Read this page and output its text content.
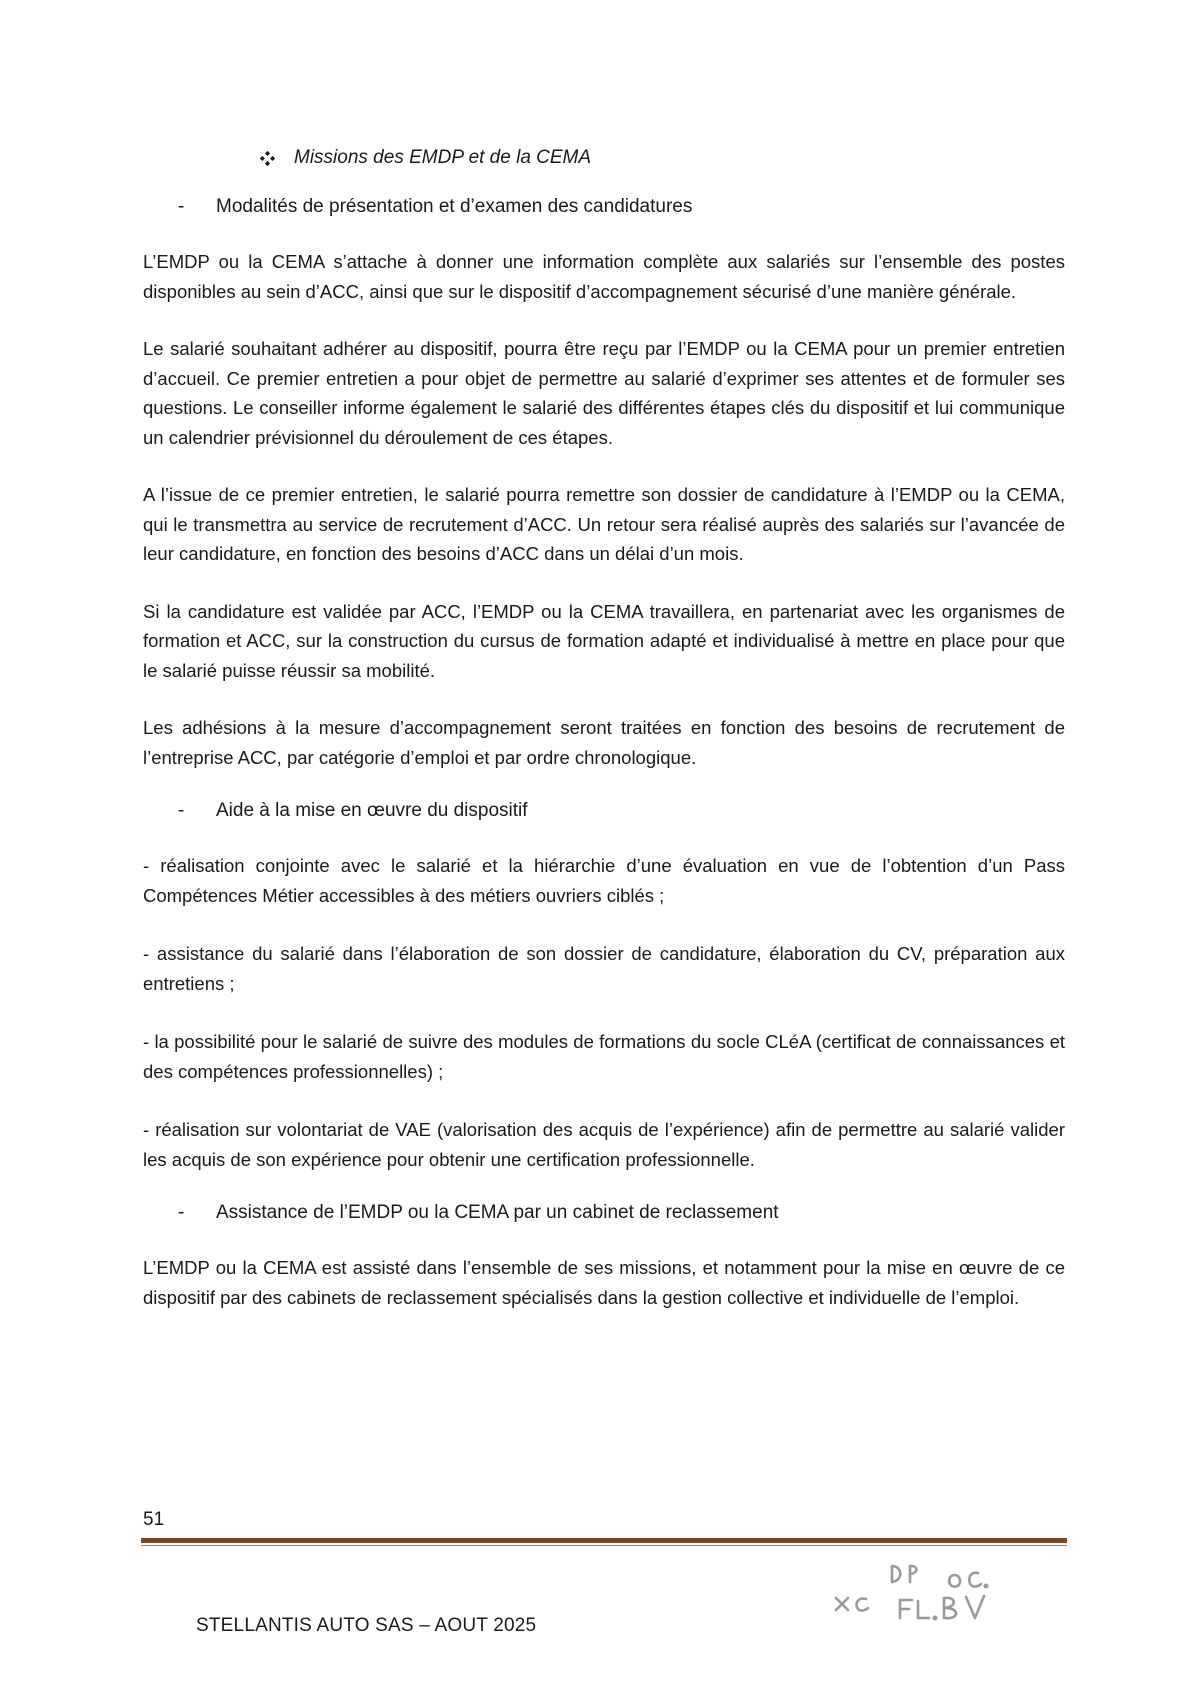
Missions des EMDP et de la CEMA
-	Modalités de présentation et d’examen des candidatures

L’EMDP ou la CEMA s’attache à donner une information complète aux salariés sur l’ensemble des postes disponibles au sein d’ACC, ainsi que sur le dispositif d’accompagnement sécurisé d’une manière générale.

Le salarié souhaitant adhérer au dispositif, pourra être reçu par l’EMDP ou la CEMA pour un premier entretien d’accueil. Ce premier entretien a pour objet de permettre au salarié d’exprimer ses attentes et de formuler ses questions. Le conseiller informe également le salarié des différentes étapes clés du dispositif et lui communique un calendrier prévisionnel du déroulement de ces étapes.

A l’issue de ce premier entretien, le salarié pourra remettre son dossier de candidature à l’EMDP ou la CEMA, qui le transmettra au service de recrutement d’ACC. Un retour sera réalisé auprès des salariés sur l’avancée de leur candidature, en fonction des besoins d’ACC dans un délai d’un mois.

Si la candidature est validée par ACC, l’EMDP ou la CEMA travaillera, en partenariat avec les organismes de formation et ACC, sur la construction du cursus de formation adapté et individualisé à mettre en place pour que le salarié puisse réussir sa mobilité.

Les adhésions à la mesure d’accompagnement seront traitées en fonction des besoins de recrutement de l’entreprise ACC, par catégorie d’emploi et par ordre chronologique.

-	Aide à la mise en œuvre du dispositif

- réalisation conjointe avec le salarié et la hiérarchie d’une évaluation en vue de l’obtention d’un Pass Compétences Métier accessibles à des métiers ouvriers ciblés ;

- assistance du salarié dans l’élaboration de son dossier de candidature, élaboration du CV, préparation aux entretiens ;

- la possibilité pour le salarié de suivre des modules de formations du socle CLéA (certificat de connaissances et des compétences professionnelles) ;

- réalisation sur volontariat de VAE (valorisation des acquis de l’expérience) afin de permettre au salarié valider les acquis de son expérience pour obtenir une certification professionnelle.

-	Assistance de l’EMDP ou la CEMA par un cabinet de reclassement

L’EMDP ou la CEMA est assisté dans l’ensemble de ses missions, et notamment pour la mise en œuvre de ce dispositif par des cabinets de reclassement spécialisés dans la gestion collective et individuelle de l’emploi.

51
STELLANTIS AUTO SAS – AOUT 2025
